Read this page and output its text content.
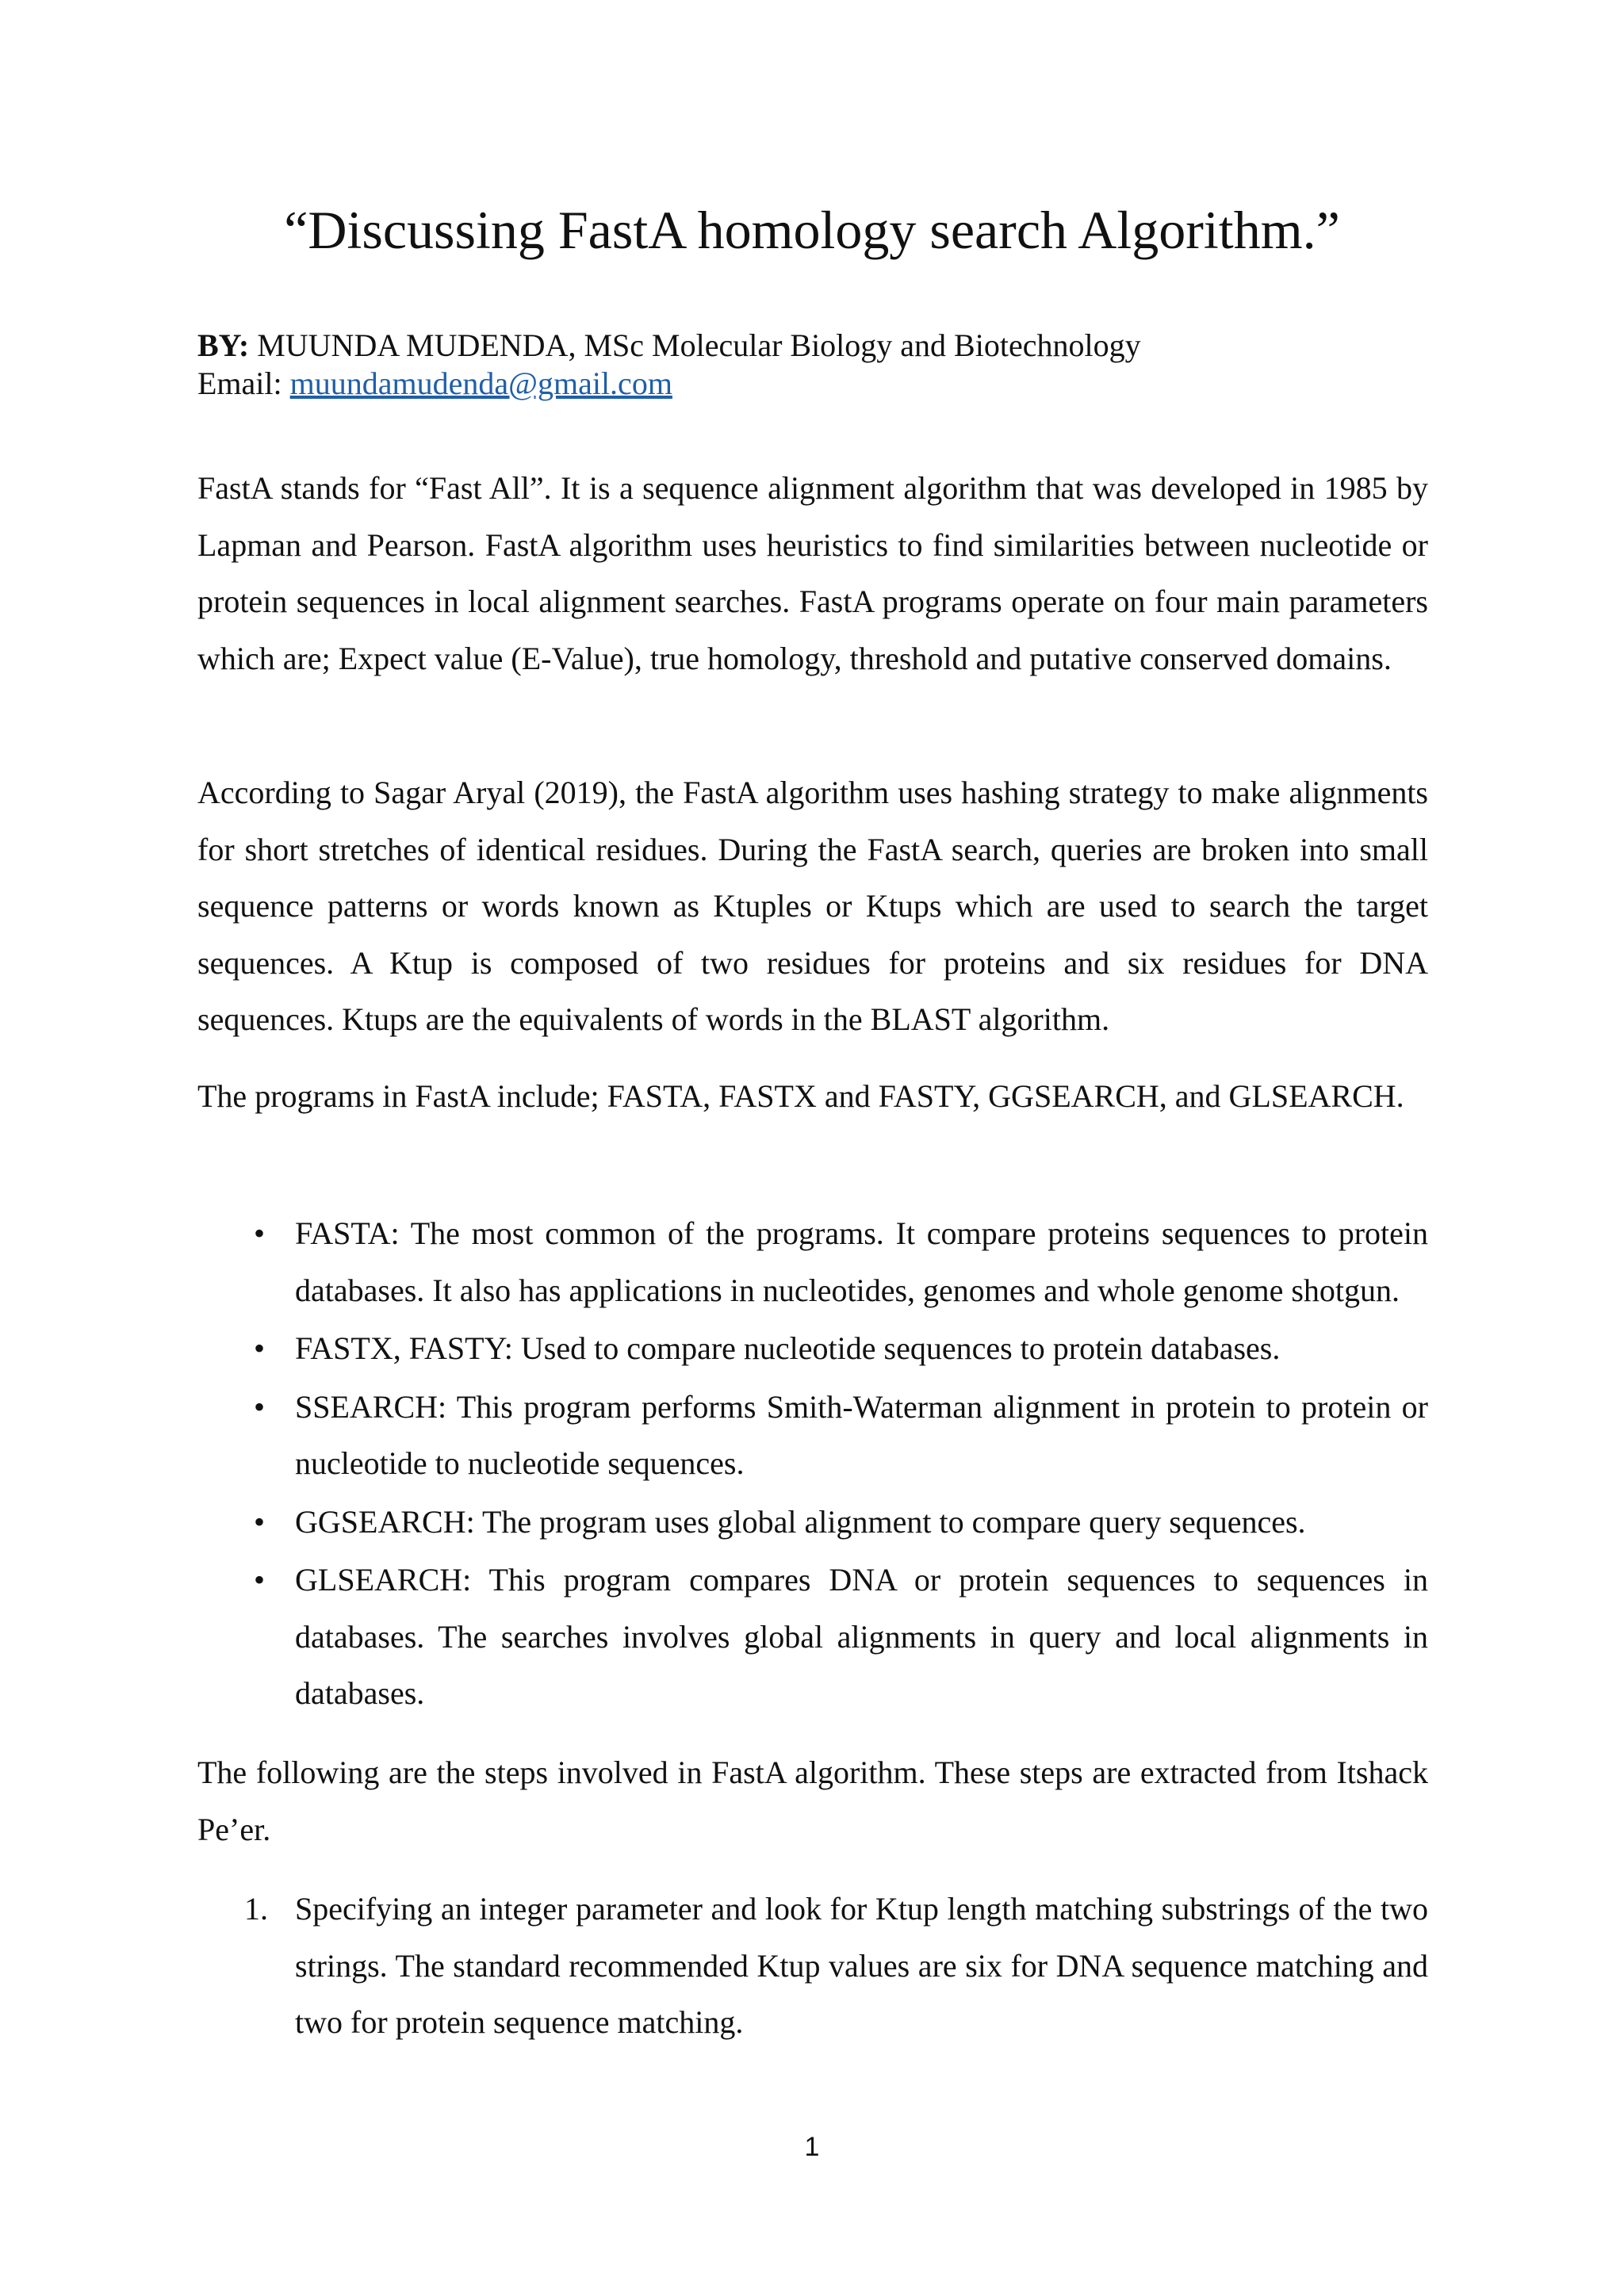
“Discussing FastA homology search Algorithm.”
BY: MUUNDA MUDENDA, MSc Molecular Biology and Biotechnology
Email: muundamudenda@gmail.com

FastA stands for “Fast All”. It is a sequence alignment algorithm that was developed in 1985 by Lapman and Pearson. FastA algorithm uses heuristics to find similarities between nucleotide or protein sequences in local alignment searches. FastA programs operate on four main parameters which are; Expect value (E-Value), true homology, threshold and putative conserved domains.

According to Sagar Aryal (2019), the FastA algorithm uses hashing strategy to make alignments for short stretches of identical residues. During the FastA search, queries are broken into small sequence patterns or words known as Ktuples or Ktups which are used to search the target sequences. A Ktup is composed of two residues for proteins and six residues for DNA sequences. Ktups are the equivalents of words in the BLAST algorithm.

The programs in FastA include; FASTA, FASTX and FASTY, GGSEARCH, and GLSEARCH.

• FASTA: The most common of the programs. It compare proteins sequences to protein databases. It also has applications in nucleotides, genomes and whole genome shotgun.
• FASTX, FASTY: Used to compare nucleotide sequences to protein databases.
• SSEARCH: This program performs Smith-Waterman alignment in protein to protein or nucleotide to nucleotide sequences.
• GGSEARCH: The program uses global alignment to compare query sequences.
• GLSEARCH: This program compares DNA or protein sequences to sequences in databases. The searches involves global alignments in query and local alignments in databases.

The following are the steps involved in FastA algorithm. These steps are extracted from Itshack Pe’er.

1. Specifying an integer parameter and look for Ktup length matching substrings of the two strings. The standard recommended Ktup values are six for DNA sequence matching and two for protein sequence matching.
1
